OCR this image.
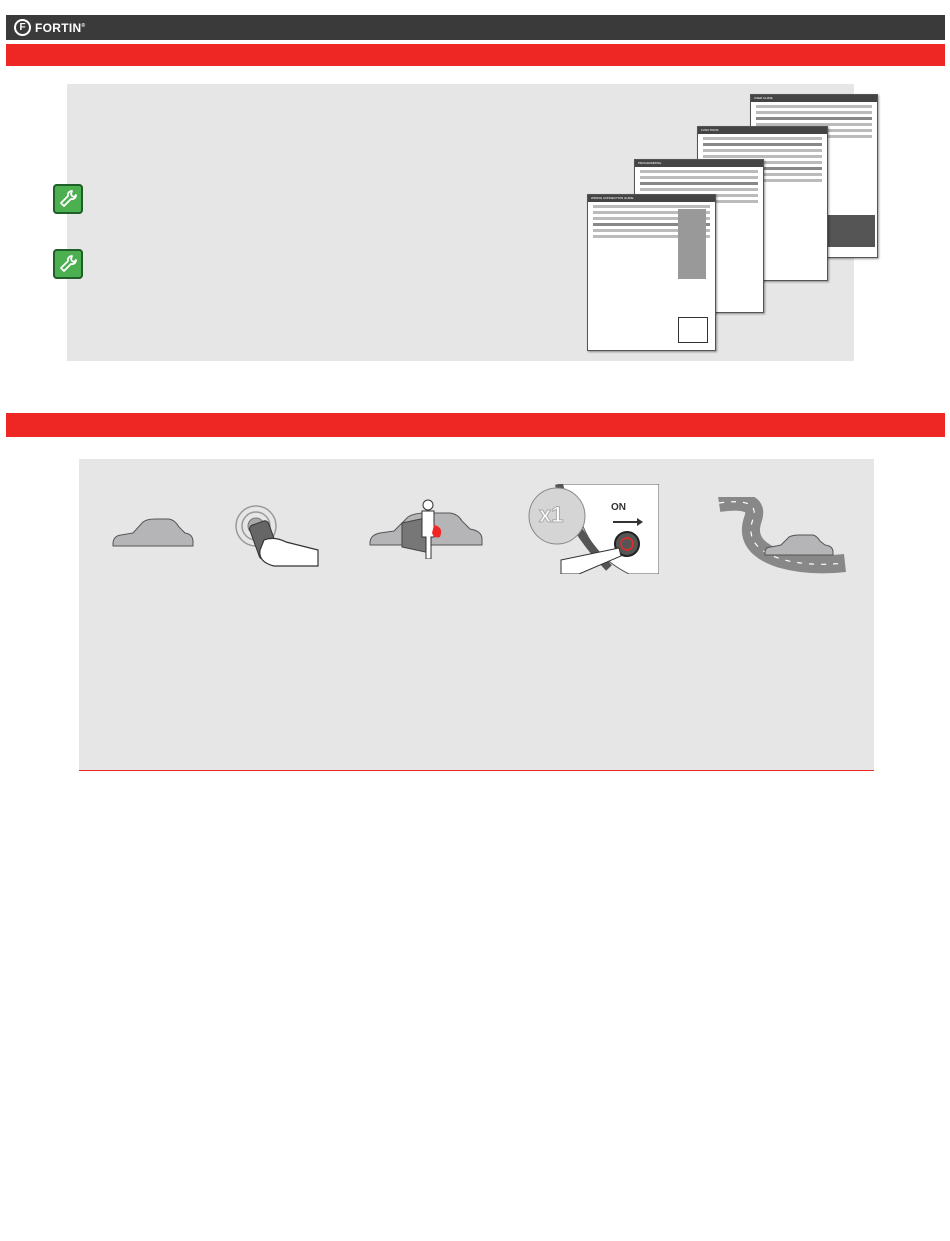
F FORTIN®
USER GUIDE
FUNCTIONS
PROGRAMMING
WIRING CONNECTION GUIDE
x1	ON
